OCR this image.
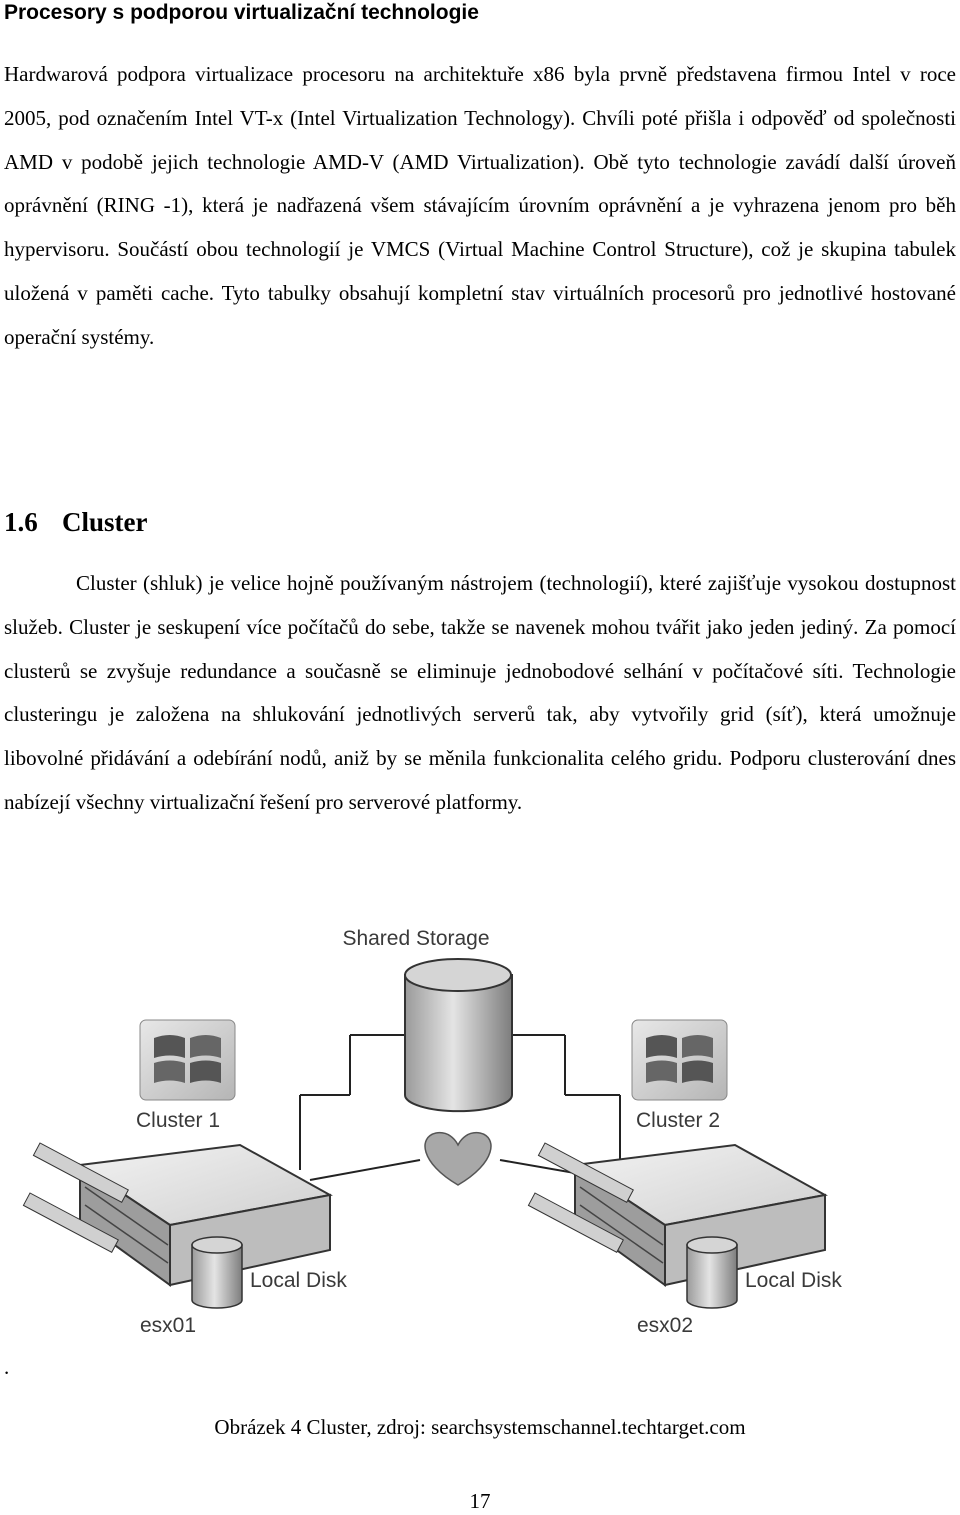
Procesory s podporou virtualizační technologie

Hardwarová podpora virtualizace procesoru na architektuře x86 byla prvně představena firmou Intel v roce 2005, pod označením Intel VT-x (Intel Virtualization Technology). Chvíli poté přišla i odpověď od společnosti AMD v podobě jejich technologie AMD-V (AMD Virtualization). Obě tyto technologie zavádí další úroveň oprávnění (RING -1), která je nadřazená všem stávajícím úrovním oprávnění a je vyhrazena jenom pro běh hypervisoru. Součástí obou technologií je VMCS (Virtual Machine Control Structure), což je skupina tabulek uložená v paměti cache. Tyto tabulky obsahují kompletní stav virtuálních procesorů pro jednotlivé hostované operační systémy.

1.6 Cluster

Cluster (shluk) je velice hojně používaným nástrojem (technologií), které zajišťuje vysokou dostupnost služeb. Cluster je seskupení více počítačů do sebe, takže se navenek mohou tvářit jako jeden jediný. Za pomocí clusterů se zvyšuje redundance a současně se eliminuje jednobodové selhání v počítačové síti. Technologie clusteringu je založena na shlukování jednotlivých serverů tak, aby vytvořily grid (síť), která umožnuje libovolné přidávání a odebírání nodů, aniž by se měnila funkcionalita celého gridu. Podporu clusterování dnes nabízejí všechny virtualizační řešení pro serverové platformy.

Shared Storage
Cluster 1	Cluster 2
Local Disk
esx01
Local Disk
esx02
.
Obrázek 4 Cluster, zdroj: searchsystemschannel.techtarget.com
17
